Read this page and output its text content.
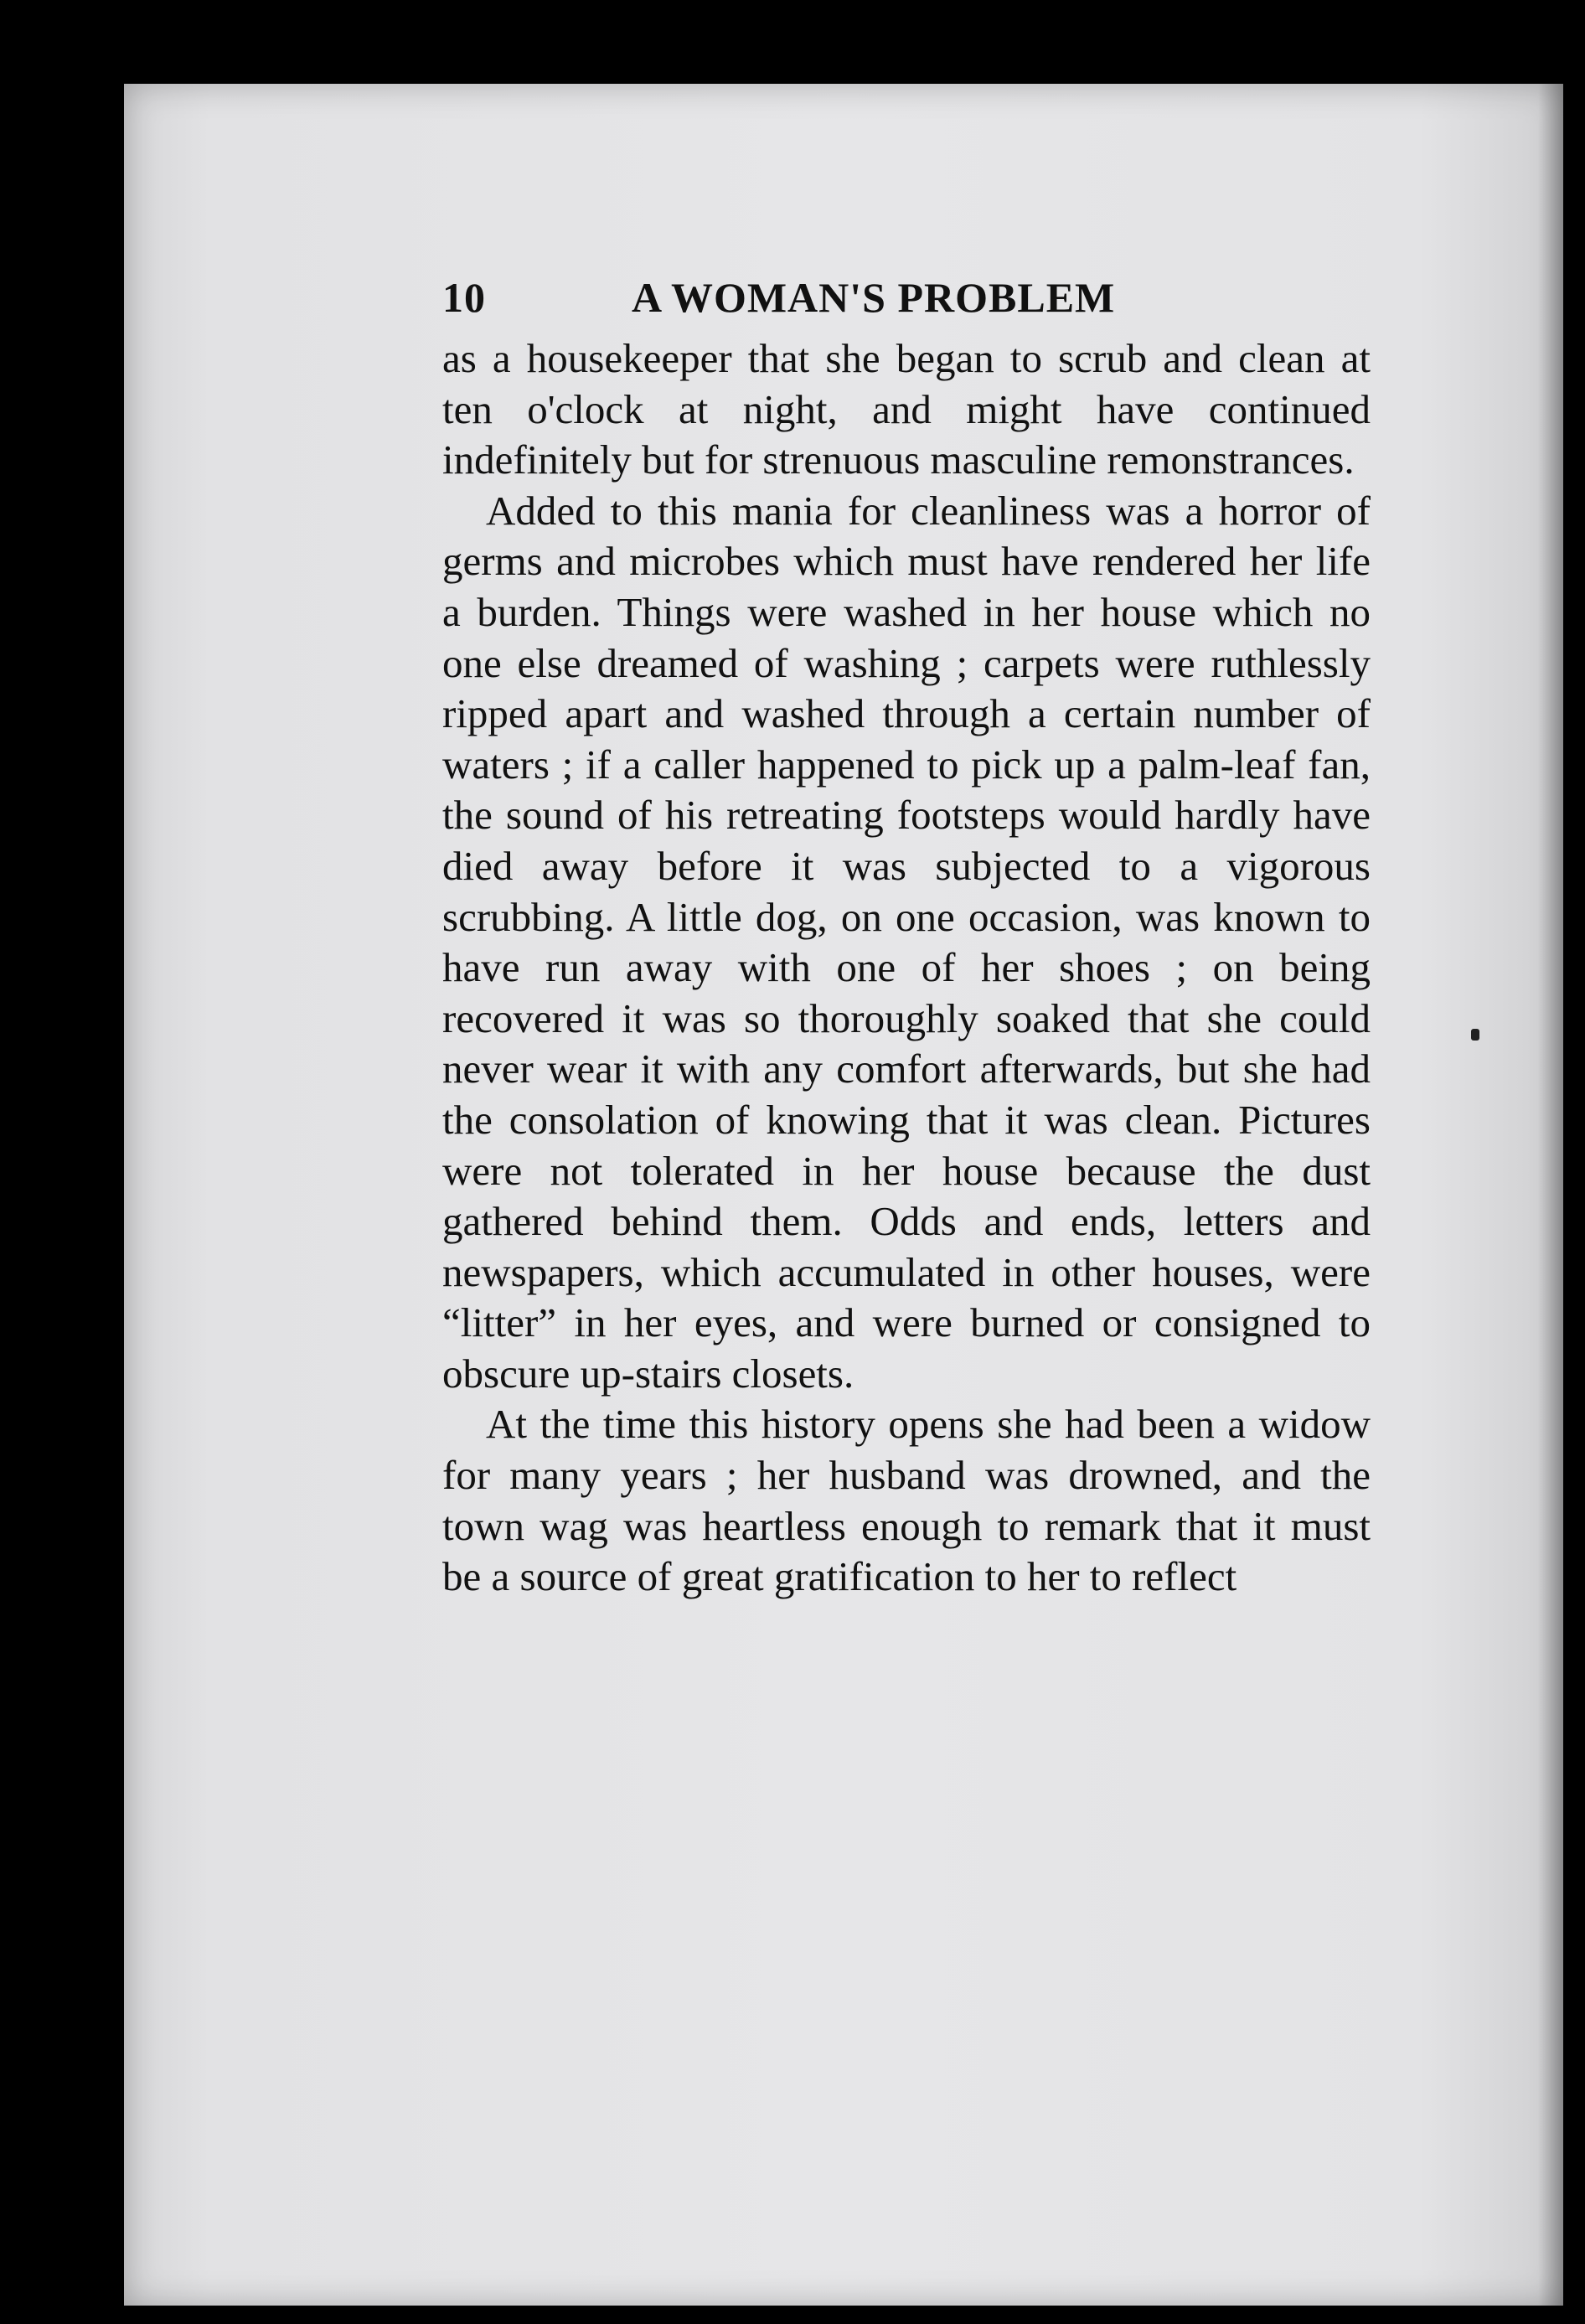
10	A WOMAN'S PROBLEM

as a housekeeper that she began to scrub and clean at ten o'clock at night, and might have continued indefinitely but for strenuous masculine remonstrances.

Added to this mania for cleanliness was a horror of germs and microbes which must have rendered her life a burden. Things were washed in her house which no one else dreamed of washing ; carpets were ruthlessly ripped apart and washed through a certain number of waters ; if a caller happened to pick up a palm-leaf fan, the sound of his retreating footsteps would hardly have died away before it was subjected to a vigorous scrubbing. A little dog, on one occasion, was known to have run away with one of her shoes ; on being recovered it was so thoroughly soaked that she could never wear it with any comfort afterwards, but she had the consolation of knowing that it was clean. Pictures were not tolerated in her house because the dust gathered behind them. Odds and ends, letters and newspapers, which accumulated in other houses, were “litter” in her eyes, and were burned or consigned to obscure up-stairs closets.

At the time this history opens she had been a widow for many years ; her husband was drowned, and the town wag was heartless enough to remark that it must be a source of great gratification to her to reflect
